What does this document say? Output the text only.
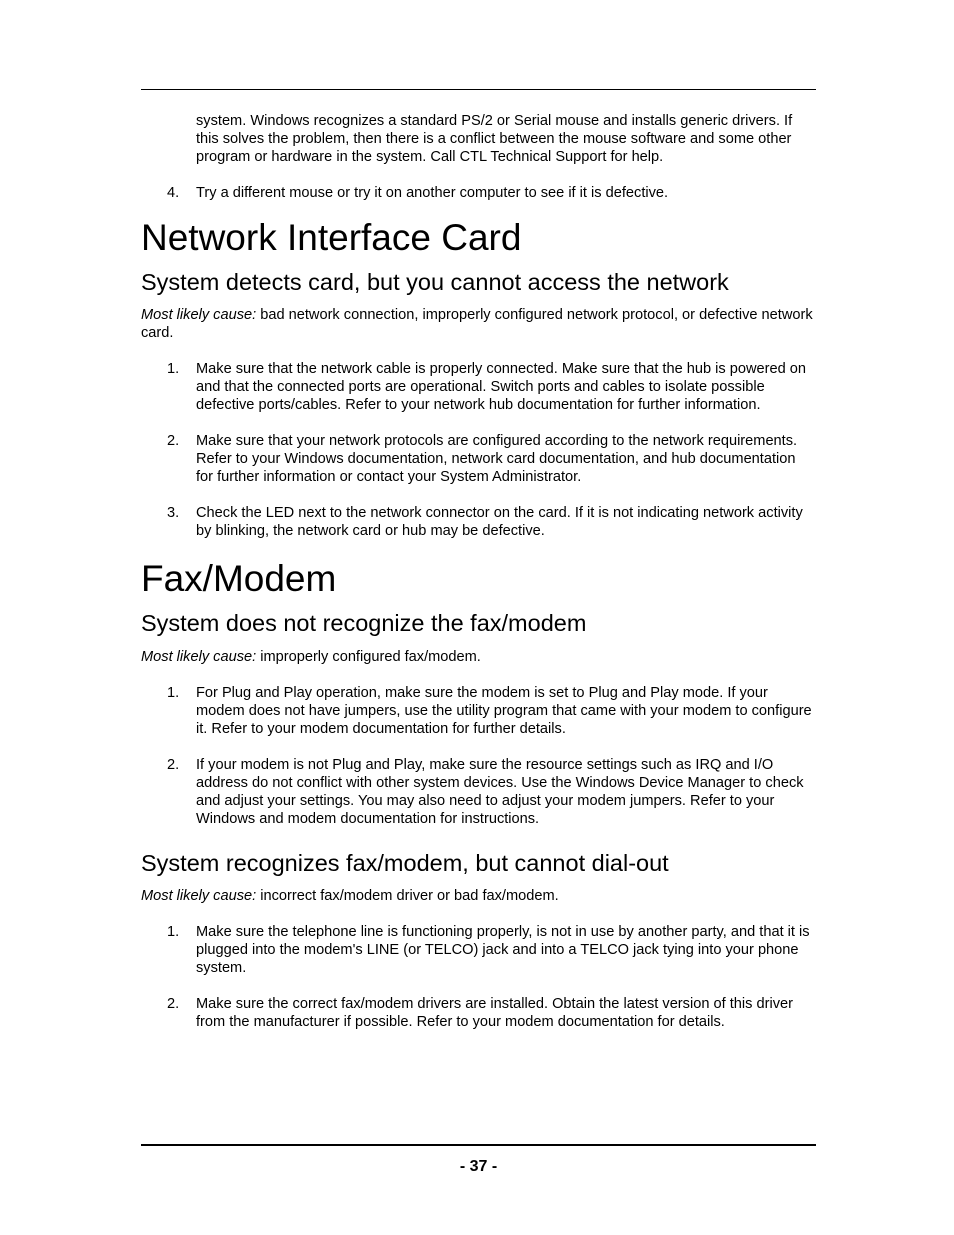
system. Windows recognizes a standard PS/2 or Serial mouse and installs generic drivers. If this solves the problem, then there is a conflict between the mouse software and some other program or hardware in the system. Call CTL Technical Support for help.

4.	Try a different mouse or try it on another computer to see if it is defective.
Network Interface Card
System detects card, but you cannot access the network

Most likely cause: bad network connection, improperly configured network protocol, or defective network card.

1.	Make sure that the network cable is properly connected. Make sure that the hub is powered on and that the connected ports are operational. Switch ports and cables to isolate possible defective ports/cables. Refer to your network hub documentation for further information.
2.	Make sure that your network protocols are configured according to the network requirements. Refer to your Windows documentation, network card documentation, and hub documentation for further information or contact your System Administrator.
3.	Check the LED next to the network connector on the card. If it is not indicating network activity by blinking, the network card or hub may be defective.
Fax/Modem
System does not recognize the fax/modem

Most likely cause: improperly configured fax/modem.

1.	For Plug and Play operation, make sure the modem is set to Plug and Play mode. If your modem does not have jumpers, use the utility program that came with your modem to configure it. Refer to your modem documentation for further details.
2.	If your modem is not Plug and Play, make sure the resource settings such as IRQ and I/O address do not conflict with other system devices. Use the Windows Device Manager to check and adjust your settings. You may also need to adjust your modem jumpers. Refer to your Windows and modem documentation for instructions.
System recognizes fax/modem, but cannot dial-out

Most likely cause: incorrect fax/modem driver or bad fax/modem.

1.	Make sure the telephone line is functioning properly, is not in use by another party, and that it is plugged into the modem's LINE (or TELCO) jack and into a TELCO jack tying into your phone system.
2.	Make sure the correct fax/modem drivers are installed. Obtain the latest version of this driver from the manufacturer if possible. Refer to your modem documentation for details.
- 37 -
